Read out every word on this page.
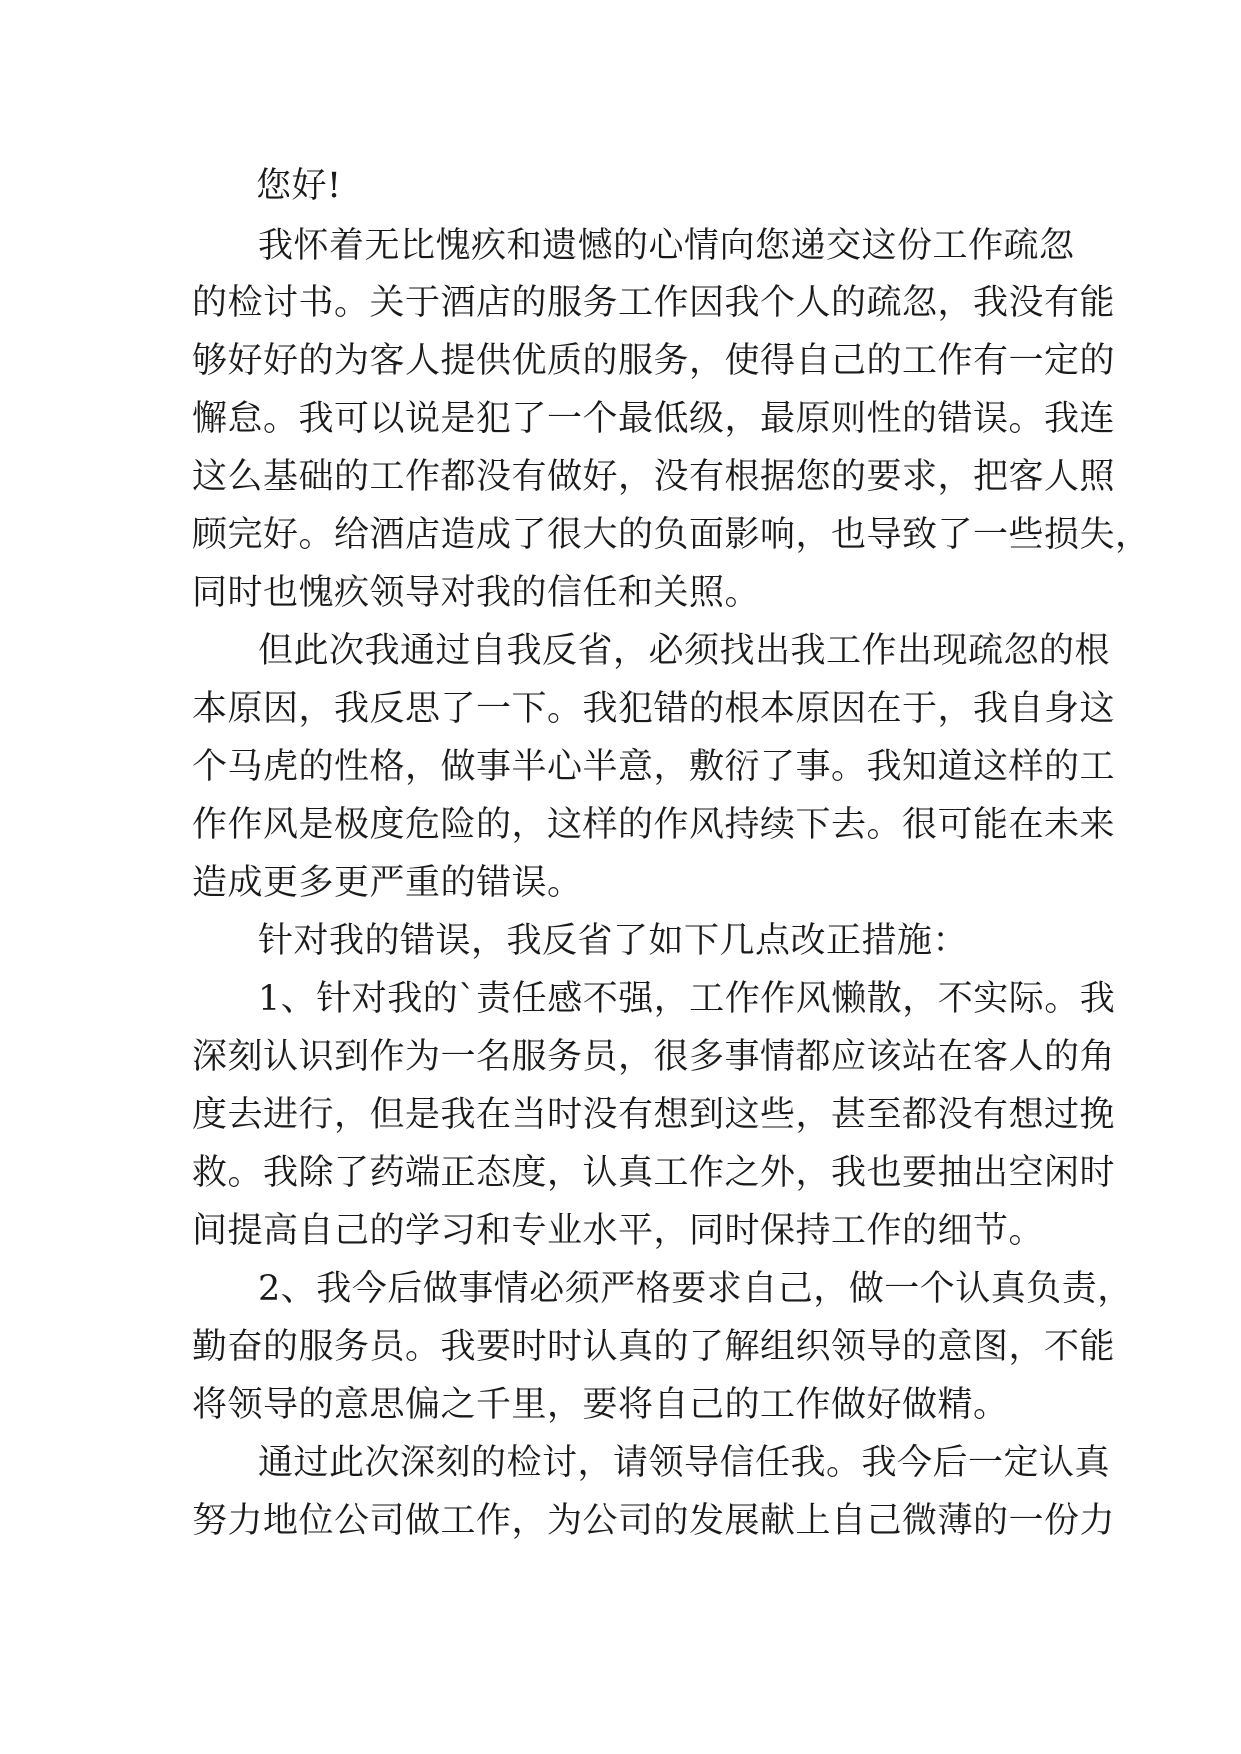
您好!
我怀着无比愧疚和遗憾的心情向您递交这份工作疏忽
的检讨书。关于酒店的服务工作因我个人的疏忽，我没有能
够好好的为客人提供优质的服务，使得自己的工作有一定的
懈怠。我可以说是犯了一个最低级，最原则性的错误。我连
这么基础的工作都没有做好，没有根据您的要求，把客人照
顾完好。给酒店造成了很大的负面影响，也导致了一些损失，
同时也愧疚领导对我的信任和关照。
但此次我通过自我反省，必须找出我工作出现疏忽的根
本原因，我反思了一下。我犯错的根本原因在于，我自身这
个马虎的性格，做事半心半意，敷衍了事。我知道这样的工
作作风是极度危险的，这样的作风持续下去。很可能在未来
造成更多更严重的错误。
针对我的错误，我反省了如下几点改正措施：
1、针对我的`责任感不强，工作作风懒散，不实际。我
深刻认识到作为一名服务员，很多事情都应该站在客人的角
度去进行，但是我在当时没有想到这些，甚至都没有想过挽
救。我除了药端正态度，认真工作之外，我也要抽出空闲时
间提高自己的学习和专业水平，同时保持工作的细节。
2、我今后做事情必须严格要求自己，做一个认真负责，
勤奋的服务员。我要时时认真的了解组织领导的意图，不能
将领导的意思偏之千里，要将自己的工作做好做精。
通过此次深刻的检讨，请领导信任我。我今后一定认真
努力地位公司做工作，为公司的发展献上自己微薄的一份力
